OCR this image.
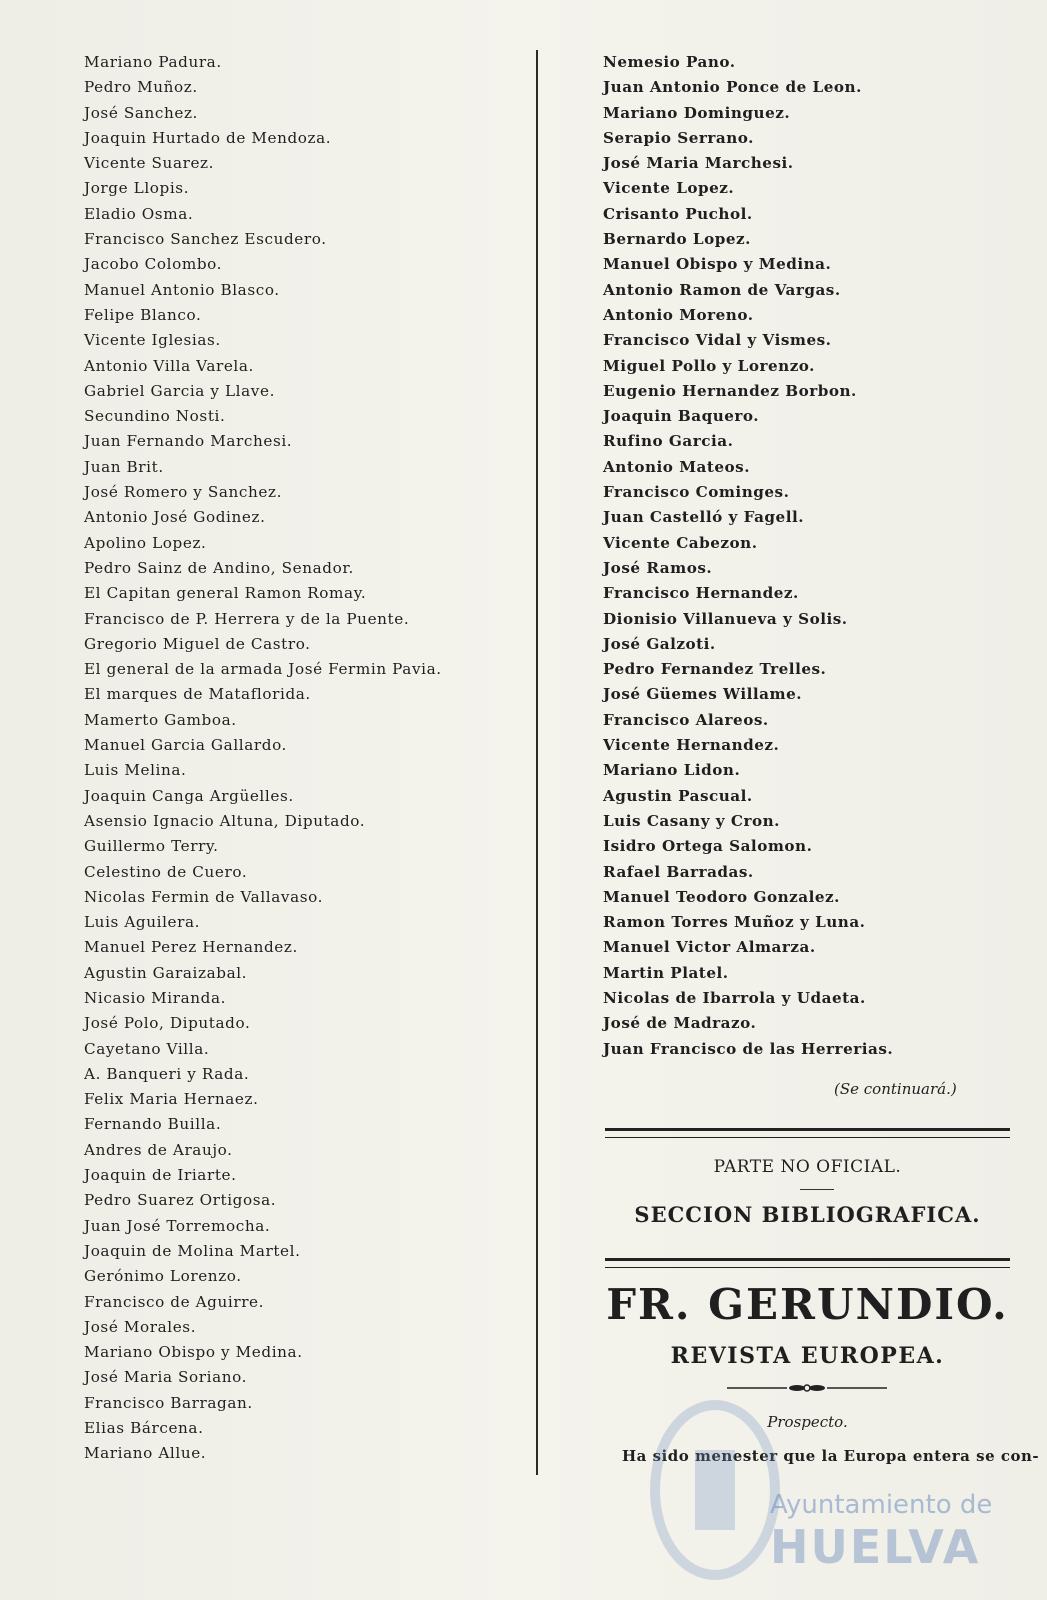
Mariano Padura.
Pedro Muñoz.
José Sanchez.
Joaquin Hurtado de Mendoza.
Vicente Suarez.
Jorge Llopis.
Eladio Osma.
Francisco Sanchez Escudero.
Jacobo Colombo.
Manuel Antonio Blasco.
Felipe Blanco.
Vicente Iglesias.
Antonio Villa Varela.
Gabriel Garcia y Llave.
Secundino Nosti.
Juan Fernando Marchesi.
Juan Brit.
José Romero y Sanchez.
Antonio José Godinez.
Apolino Lopez.
Pedro Sainz de Andino, Senador.
El Capitan general Ramon Romay.
Francisco de P. Herrera y de la Puente.
Gregorio Miguel de Castro.
El general de la armada José Fermin Pavia.
El marques de Mataflorida.
Mamerto Gamboa.
Manuel Garcia Gallardo.
Luis Melina.
Joaquin Canga Argüelles.
Asensio Ignacio Altuna, Diputado.
Guillermo Terry.
Celestino de Cuero.
Nicolas Fermin de Vallavaso.
Luis Aguilera.
Manuel Perez Hernandez.
Agustin Garaizabal.
Nicasio Miranda.
José Polo, Diputado.
Cayetano Villa.
A. Banqueri y Rada.
Felix Maria Hernaez.
Fernando Builla.
Andres de Araujo.
Joaquin de Iriarte.
Pedro Suarez Ortigosa.
Juan José Torremocha.
Joaquin de Molina Martel.
Gerónimo Lorenzo.
Francisco de Aguirre.
José Morales.
Mariano Obispo y Medina.
José Maria Soriano.
Francisco Barragan.
Elias Bárcena.
Mariano Allue.
Nemesio Pano.
Juan Antonio Ponce de Leon.
Mariano Dominguez.
Serapio Serrano.
José Maria Marchesi.
Vicente Lopez.
Crisanto Puchol.
Bernardo Lopez.
Manuel Obispo y Medina.
Antonio Ramon de Vargas.
Antonio Moreno.
Francisco Vidal y Vismes.
Miguel Pollo y Lorenzo.
Eugenio Hernandez Borbon.
Joaquin Baquero.
Rufino Garcia.
Antonio Mateos.
Francisco Cominges.
Juan Castelló y Fagell.
Vicente Cabezon.
José Ramos.
Francisco Hernandez.
Dionisio Villanueva y Solis.
José Galzoti.
Pedro Fernandez Trelles.
José Güemes Willame.
Francisco Alareos.
Vicente Hernandez.
Mariano Lidon.
Agustin Pascual.
Luis Casany y Cron.
Isidro Ortega Salomon.
Rafael Barradas.
Manuel Teodoro Gonzalez.
Ramon Torres Muñoz y Luna.
Manuel Victor Almarza.
Martin Platel.
Nicolas de Ibarrola y Udaeta.
José de Madrazo.
Juan Francisco de las Herrerias.
(Se continuará.)
PARTE NO OFICIAL.
SECCION BIBLIOGRAFICA.
FR. GERUNDIO.
REVISTA EUROPEA.
Prospecto.
Ha sido menester que la Europa entera se con-
Ayuntamiento de
HUELVA
